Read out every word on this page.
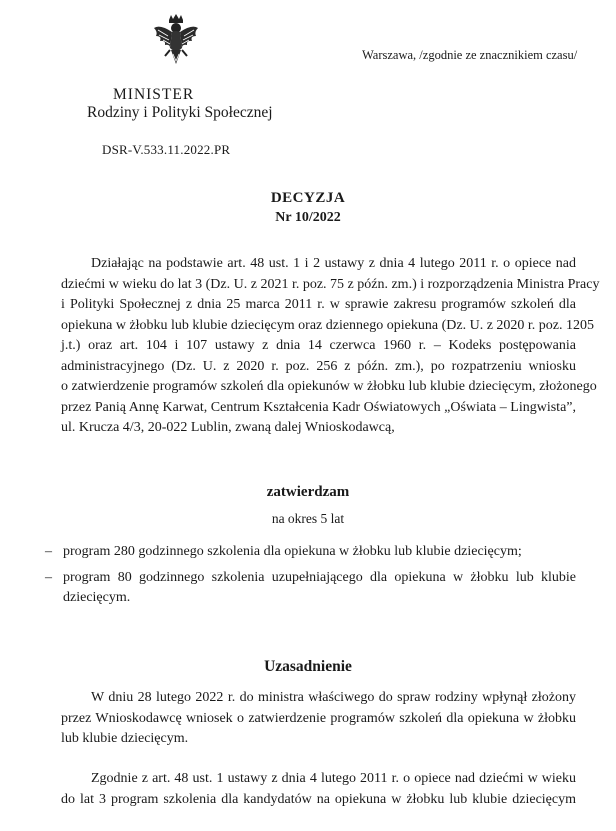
Warszawa, /zgodnie ze znacznikiem czasu/
MINISTER
Rodziny i Polityki Społecznej
DSR-V.533.11.2022.PR
DECYZJA
Nr 10/2022
Działając na podstawie art. 48 ust. 1 i 2 ustawy z dnia 4 lutego 2011 r. o opiece nad
dziećmi w wieku do lat 3 (Dz. U. z 2021 r. poz. 75 z późn. zm.) i rozporządzenia Ministra Pracy
i Polityki Społecznej z dnia 25 marca 2011 r. w sprawie zakresu programów szkoleń dla
opiekuna w żłobku lub klubie dziecięcym oraz dziennego opiekuna (Dz. U. z 2020 r. poz. 1205
j.t.) oraz art. 104 i 107 ustawy z dnia 14 czerwca 1960 r. – Kodeks postępowania
administracyjnego (Dz. U. z 2020 r. poz. 256 z późn. zm.), po rozpatrzeniu wniosku
o zatwierdzenie programów szkoleń dla opiekunów w żłobku lub klubie dziecięcym, złożonego
przez Panią Annę Karwat, Centrum Kształcenia Kadr Oświatowych „Oświata – Lingwista”,
ul. Krucza 4/3, 20-022 Lublin, zwaną dalej Wnioskodawcą,
zatwierdzam
na okres 5 lat
– program 280 godzinnego szkolenia dla opiekuna w żłobku lub klubie dziecięcym;
– program 80 godzinnego szkolenia uzupełniającego dla opiekuna w żłobku lub klubie dziecięcym.
Uzasadnienie
W dniu 28 lutego 2022 r. do ministra właściwego do spraw rodziny wpłynął złożony
przez Wnioskodawcę wniosek o zatwierdzenie programów szkoleń dla opiekuna w żłobku
lub klubie dziecięcym.
Zgodnie z art. 48 ust. 1 ustawy z dnia 4 lutego 2011 r. o opiece nad dziećmi w wieku
do lat 3 program szkolenia dla kandydatów na opiekuna w żłobku lub klubie dziecięcym
